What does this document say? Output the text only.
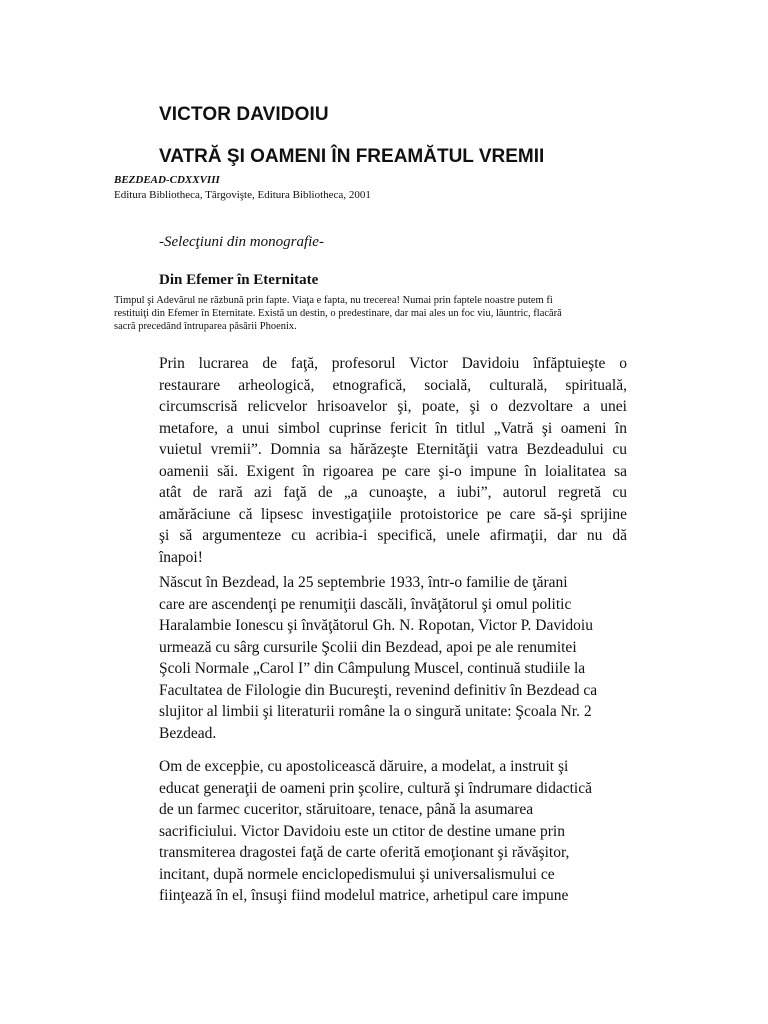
VICTOR DAVIDOIU
VATRĂ ŞI OAMENI ÎN FREAMĂTUL VREMII
BEZDEAD-CDXXVIII
Editura Bibliotheca, Târgovişte, Editura Bibliotheca, 2001
-Selecţiuni din monografie-
Din Efemer în Eternitate
Timpul şi Adevărul ne răzbună prin fapte. Viaţa e fapta, nu trecerea! Numai prin faptele noastre putem fi
restituiţi din Efemer în Eternitate. Există un destin, o predestinare, dar mai ales un foc viu, lăuntric, flacără
sacră precedând întruparea păsării Phoenix.
Prin lucrarea de faţă, profesorul Victor Davidoiu înfăptuieşte o
restaurare arheologică, etnografică, socială, culturală, spirituală,
circumscrisă relicvelor hrisoavelor şi, poate, şi o dezvoltare a unei
metafore, a unui simbol cuprinse fericit în titlul „Vatră şi oameni în
vuietul vremii”. Domnia sa hărăzeşte Eternităţii vatra Bezdeadului cu
oamenii săi. Exigent în rigoarea pe care şi-o impune în loialitatea sa
atât de rară azi faţă de „a cunoaşte, a iubi”, autorul regretă cu
amărăciune că lipsesc investigaţiile protoistorice pe care să-şi sprijine
şi să argumenteze cu acribia-i specifică, unele afirmaţii, dar nu dă
înapoi!
Născut în Bezdead, la 25 septembrie 1933, într-o familie de ţărani
care are ascendenţi pe renumiţii dascăli, învăţătorul şi omul politic
Haralambie Ionescu şi învăţătorul Gh. N. Ropotan, Victor P. Davidoiu
urmează cu sârg cursurile Şcolii din Bezdead, apoi pe ale renumitei
Şcoli Normale „Carol I” din Câmpulung Muscel, continuă studiile la
Facultatea de Filologie din Bucureşti, revenind definitiv în Bezdead ca
slujitor al limbii şi literaturii române la o singură unitate: Şcoala Nr. 2
Bezdead.
Om de excepþie, cu apostolicească dăruire, a modelat, a instruit şi
educat generaţii de oameni prin şcolire, cultură şi îndrumare didactică
de un farmec cuceritor, stăruitoare, tenace, până la asumarea
sacrificiului. Victor Davidoiu este un ctitor de destine umane prin
transmiterea dragostei faţă de carte oferită emoţionant şi răvăşitor,
incitant, după normele enciclopedismului şi universalismului ce
fiinţează în el, însuşi fiind modelul matrice, arhetipul care impune
